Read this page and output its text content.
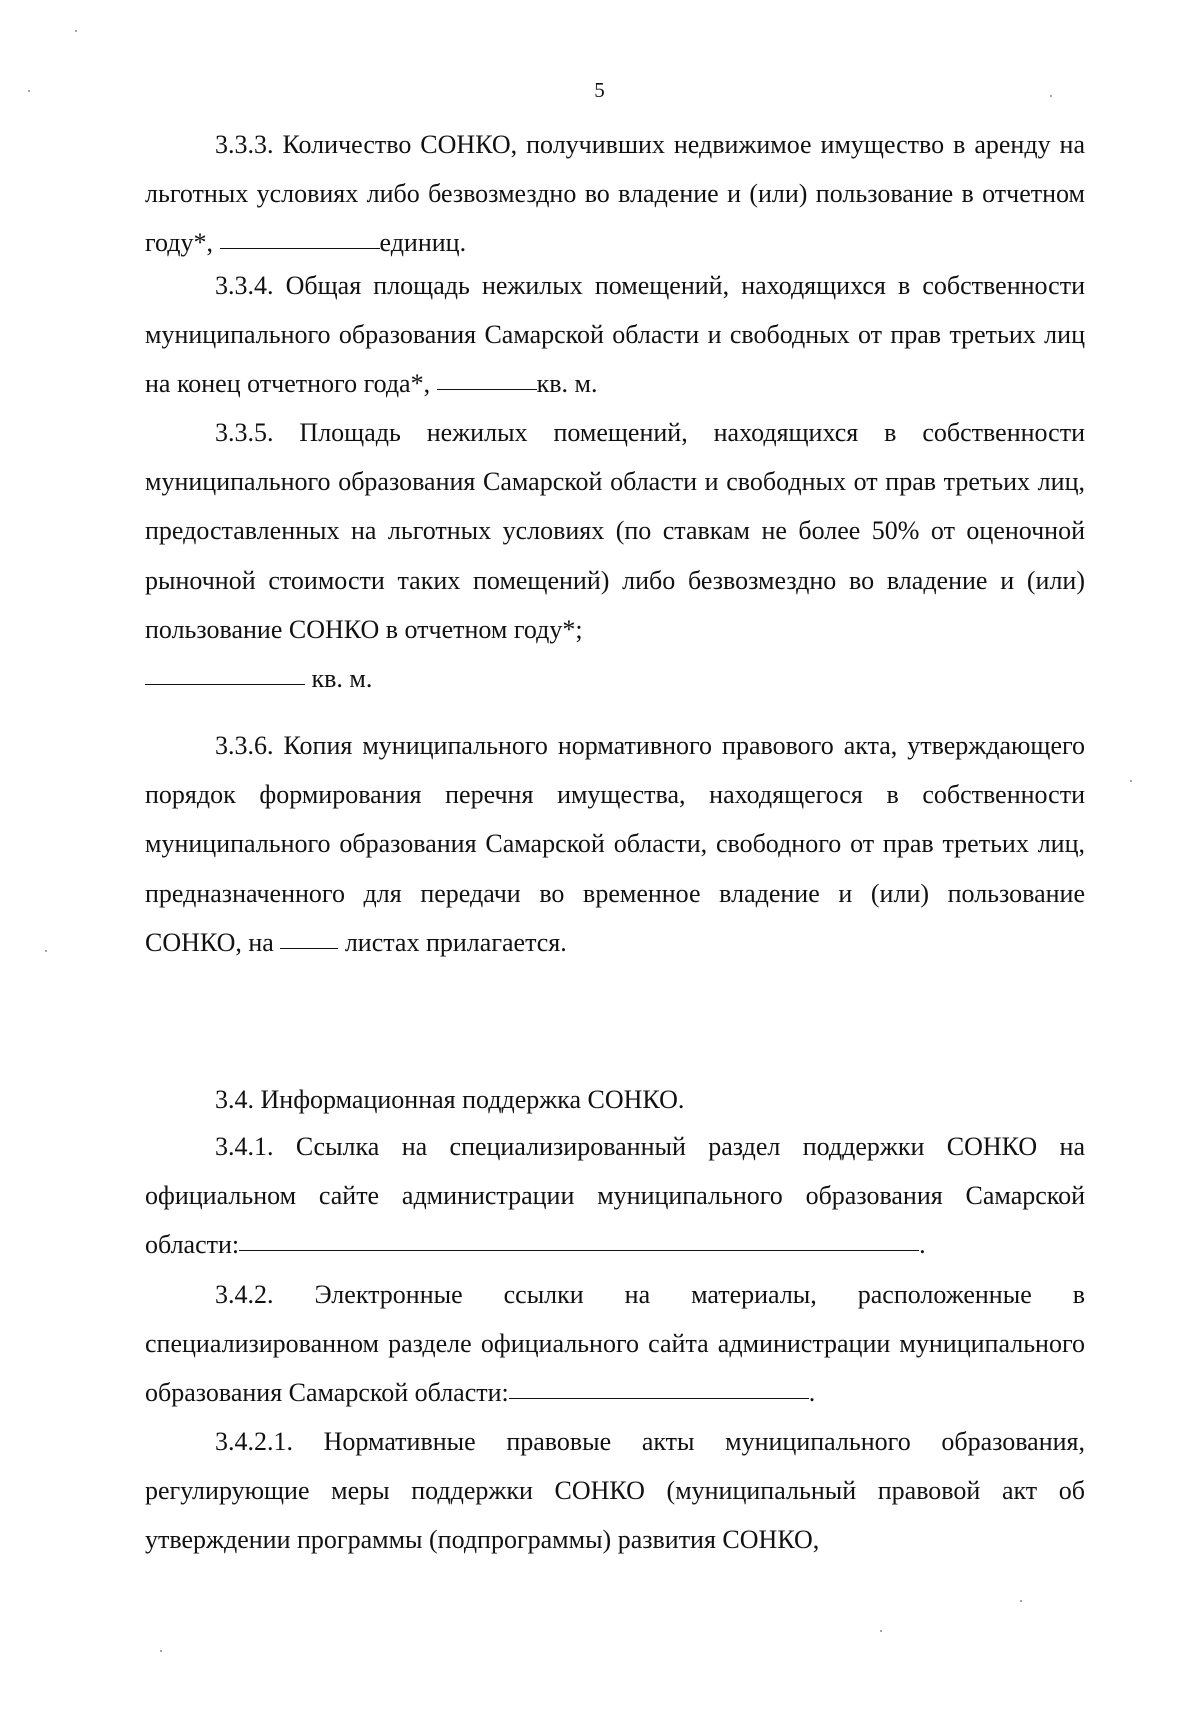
5

3.3.3. Количество СОНКО, получивших недвижимое имущество в аренду на льготных условиях либо безвозмездно во владение и (или) пользование в отчетном году*,	единиц.

3.3.4. Общая площадь нежилых помещений, находящихся в собственности муниципального образования Самарской области и свободных от прав третьих лиц на конец отчетного года*,	кв. м.

3.3.5. Площадь нежилых помещений, находящихся в собственности муниципального образования Самарской области и свободных от прав третьих лиц, предоставленных на льготных условиях (по ставкам не более 50% от оценочной рыночной стоимости таких помещений) либо безвозмездно во владение и (или) пользование СОНКО в отчетном году*;
кв. м.

3.3.6. Копия муниципального нормативного правового акта, утверждающего порядок формирования перечня имущества, находящегося в собственности муниципального образования Самарской области, свободного от прав третьих лиц, предназначенного для передачи во временное владение и (или) пользование СОНКО, на	листах прилагается.

3.4. Информационная поддержка СОНКО.

3.4.1. Ссылка на специализированный раздел поддержки СОНКО на официальном сайте администрации муниципального образования Самарской области:	.

3.4.2. Электронные ссылки на материалы, расположенные в специализированном разделе официального сайта администрации муниципального образования Самарской области:	.

3.4.2.1. Нормативные правовые акты муниципального образования, регулирующие меры поддержки СОНКО (муниципальный правовой акт об утверждении программы (подпрограммы) развития СОНКО,
